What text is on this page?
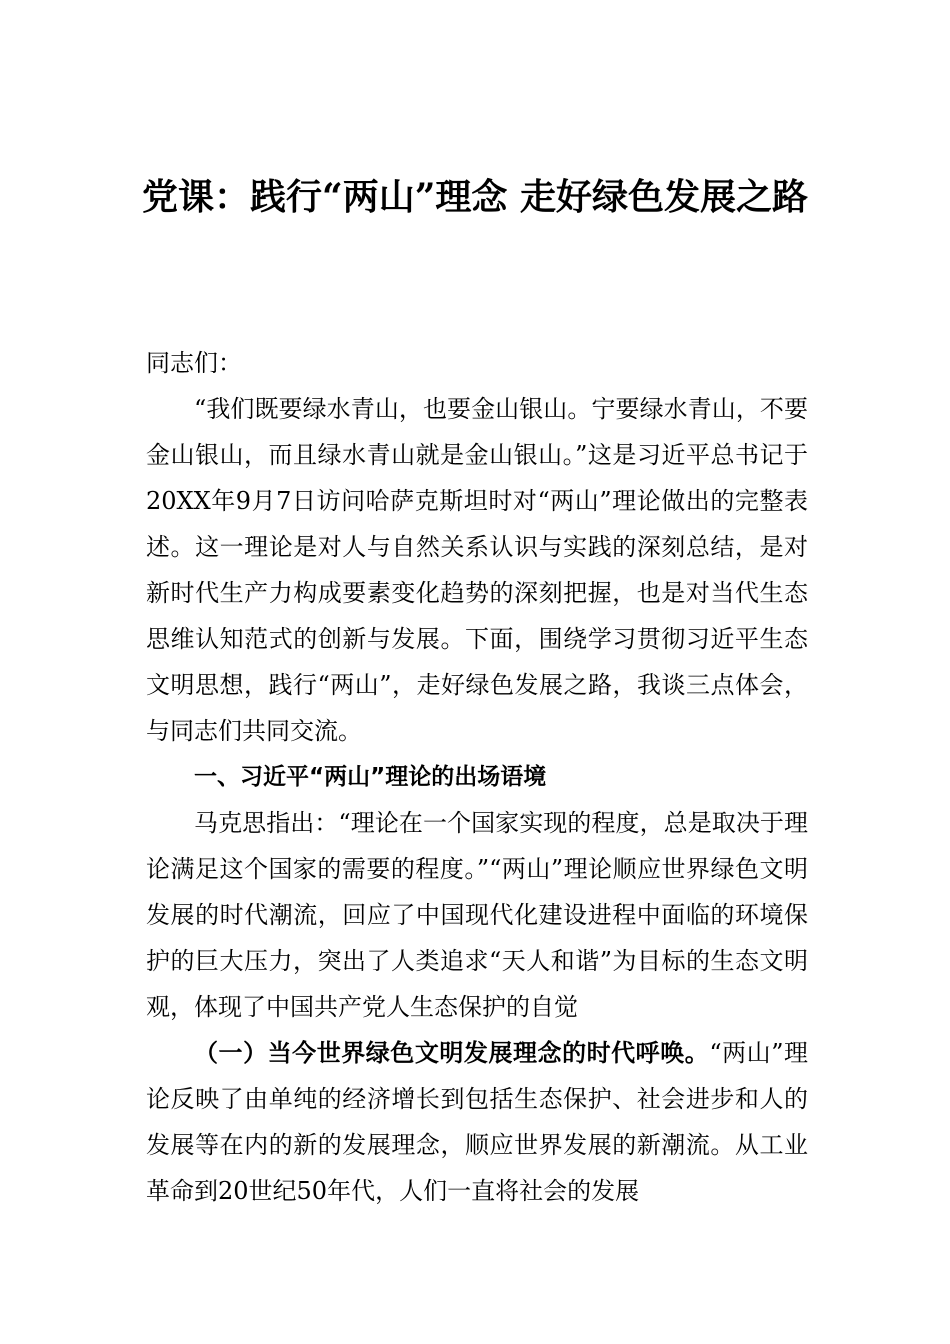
党课：践行“两山”理念 走好绿色发展之路

同志们：

“我们既要绿水青山，也要金山银山。宁要绿水青山，不要金山银山，而且绿水青山就是金山银山。”这是习近平总书记于20XX年9月7日访问哈萨克斯坦时对“两山”理论做出的完整表述。这一理论是对人与自然关系认识与实践的深刻总结，是对新时代生产力构成要素变化趋势的深刻把握，也是对当代生态思维认知范式的创新与发展。下面，围绕学习贯彻习近平生态文明思想，践行“两山”，走好绿色发展之路，我谈三点体会，与同志们共同交流。

一、习近平“两山”理论的出场语境

马克思指出：“理论在一个国家实现的程度，总是取决于理论满足这个国家的需要的程度。”“两山”理论顺应世界绿色文明发展的时代潮流，回应了中国现代化建设进程中面临的环境保护的巨大压力，突出了人类追求“天人和谐”为目标的生态文明观，体现了中国共产党人生态保护的自觉

（一）当今世界绿色文明发展理念的时代呼唤。“两山”理论反映了由单纯的经济增长到包括生态保护、社会进步和人的发展等在内的新的发展理念，顺应世界发展的新潮流。从工业革命到20世纪50年代，人们一直将社会的发展
